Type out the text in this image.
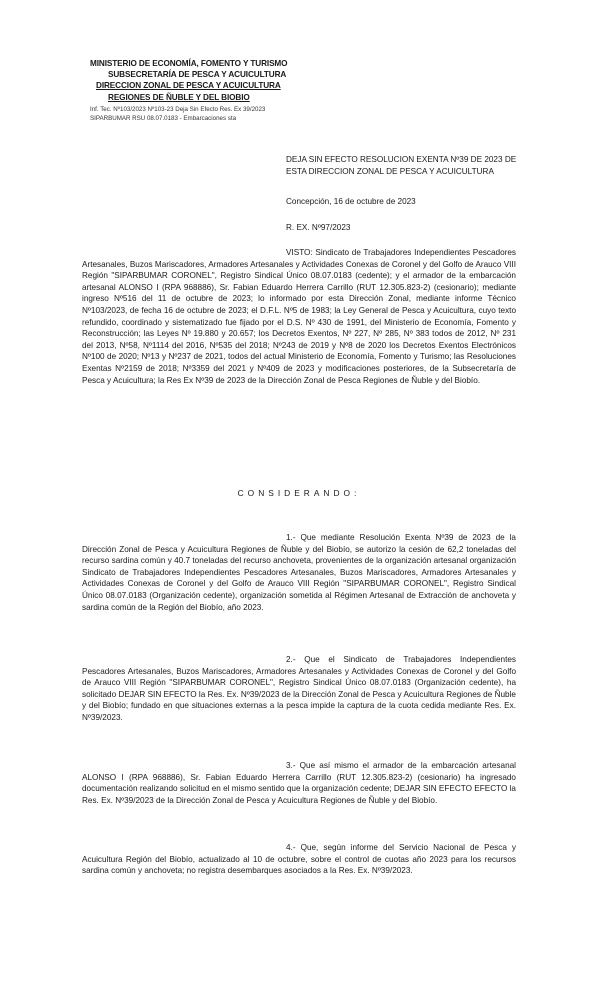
MINISTERIO DE ECONOMÍA, FOMENTO Y TURISMO
SUBSECRETARÍA DE PESCA Y ACUICULTURA
DIRECCION ZONAL DE PESCA Y ACUICULTURA
REGIONES DE ÑUBLE Y DEL BIOBIO
Inf. Tec. Nº103/2023 Nº103-23 Deja Sin Efecto Res. Ex 39/2023
SIPARBUMAR RSU 08.07.0183 - Embarcaciones sta
DEJA SIN EFECTO RESOLUCION EXENTA Nº39 DE 2023 DE ESTA DIRECCION ZONAL DE PESCA Y ACUICULTURA
Concepción, 16 de octubre de 2023
R. EX. Nº97/2023
VISTO: Sindicato de Trabajadores Independientes Pescadores Artesanales, Buzos Mariscadores, Armadores Artesanales y Actividades Conexas de Coronel y del Golfo de Arauco VIII Región "SIPARBUMAR CORONEL", Registro Sindical Único 08.07.0183 (cedente); y el armador de la embarcación artesanal ALONSO I (RPA 968886), Sr. Fabian Eduardo Herrera Carrillo (RUT 12.305.823-2) (cesionario); mediante ingreso Nº516 del 11 de octubre de 2023; lo informado por esta Dirección Zonal, mediante informe Técnico Nº103/2023, de fecha 16 de octubre de 2023; el D.F.L. Nº5 de 1983; la Ley General de Pesca y Acuicultura, cuyo texto refundido, coordinado y sistematizado fue fijado por el D.S. Nº 430 de 1991, del Ministerio de Economía, Fomento y Reconstrucción; las Leyes Nº 19.880 y 20.657; los Decretos Exentos, Nº 227, Nº 285, Nº 383 todos de 2012, Nº 231 del 2013, Nº58, Nº1114 del 2016, Nº535 del 2018; Nº243 de 2019 y Nº8 de 2020 los Decretos Exentos Electrónicos Nº100 de 2020; Nº13 y Nº237 de 2021, todos del actual Ministerio de Economía, Fomento y Turismo; las Resoluciones Exentas Nº2159 de 2018; Nº3359 del 2021 y Nº409 de 2023 y modificaciones posteriores, de la Subsecretaría de Pesca y Acuicultura; la Res Ex Nº39 de 2023 de la Dirección Zonal de Pesca Regiones de Ñuble y del Biobío.
CONSIDERANDO:
1.- Que mediante Resolución Exenta Nº39 de 2023 de la Dirección Zonal de Pesca y Acuicultura Regiones de Ñuble y del Biobío, se autorizo la cesión de 62,2 toneladas del recurso sardina común y 40.7 toneladas del recurso anchoveta, provenientes de la organización artesanal organización Sindicato de Trabajadores Independientes Pescadores Artesanales, Buzos Mariscadores, Armadores Artesanales y Actividades Conexas de Coronel y del Golfo de Arauco VIII Región "SIPARBUMAR CORONEL", Registro Sindical Único 08.07.0183 (Organización cedente), organización sometida al Régimen Artesanal de Extracción de anchoveta y sardina común de la Región del Biobío, año 2023.
2.- Que el Sindicato de Trabajadores Independientes Pescadores Artesanales, Buzos Mariscadores, Armadores Artesanales y Actividades Conexas de Coronel y del Golfo de Arauco VIII Región "SIPARBUMAR CORONEL", Registro Sindical Único 08.07.0183 (Organización cedente), ha solicitado DEJAR SIN EFECTO la Res. Ex. Nº39/2023 de la Dirección Zonal de Pesca y Acuicultura Regiones de Ñuble y del Biobío; fundado en que situaciones externas a la pesca impide la captura de la cuota cedida mediante Res. Ex. Nº39/2023.
3.- Que así mismo el armador de la embarcación artesanal ALONSO I (RPA 968886), Sr. Fabian Eduardo Herrera Carrillo (RUT 12.305.823-2) (cesionario) ha ingresado documentación realizando solicitud en el mismo sentido que la organización cedente; DEJAR SIN EFECTO EFECTO la Res. Ex. Nº39/2023 de la Dirección Zonal de Pesca y Acuicultura Regiones de Ñuble y del Biobío.
4.- Que, según informe del Servicio Nacional de Pesca y Acuicultura Región del Biobío, actualizado al 10 de octubre, sobre el control de cuotas año 2023 para los recursos sardina común y anchoveta; no registra desembarques asociados a la Res. Ex. Nº39/2023.
